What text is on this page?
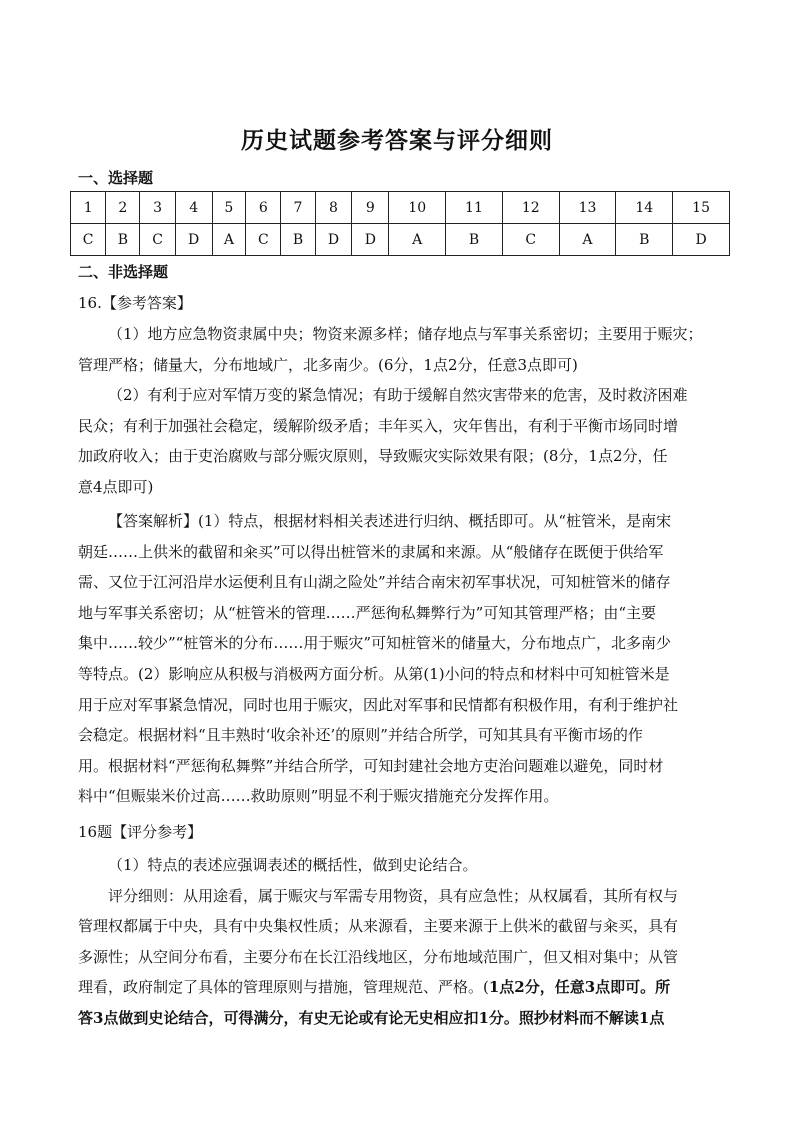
历史试题参考答案与评分细则
一、选择题
1	2	3	4	5	6	7	8	9	10	11	12	13	14	15
C	B	C	D	A	C	B	D	D	A	B	C	A	B	D
二、非选择题
16.【参考答案】
（1）地方应急物资隶属中央；物资来源多样；储存地点与军事关系密切；主要用于赈灾；
管理严格；储量大，分布地域广，北多南少。(6分，1点2分，任意3点即可)
（2）有利于应对军情万变的紧急情况；有助于缓解自然灾害带来的危害，及时救济困难
民众；有利于加强社会稳定，缓解阶级矛盾；丰年买入，灾年售出，有利于平衡市场同时增
加政府收入；由于吏治腐败与部分赈灾原则，导致赈灾实际效果有限；(8分，1点2分，任
意4点即可)
【答案解析】(1）特点，根据材料相关表述进行归纳、概括即可。从“桩管米，是南宋
朝廷……上供米的截留和籴买”可以得出桩管米的隶属和来源。从“般储存在既便于供给军
需、又位于江河沿岸水运便利且有山湖之险处”并结合南宋初军事状况，可知桩管米的储存
地与军事关系密切；从“桩管米的管理……严惩徇私舞弊行为”可知其管理严格；由“主要
集中……较少”“桩管米的分布……用于赈灾”可知桩管米的储量大，分布地点广，北多南少
等特点。(2）影响应从积极与消极两方面分析。从第(1)小问的特点和材料中可知桩管米是
用于应对军事紧急情况，同时也用于赈灾，因此对军事和民情都有积极作用，有利于维护社
会稳定。根据材料“且丰熟时‘收余补还’的原则”并结合所学，可知其具有平衡市场的作
用。根据材料“严惩徇私舞弊”并结合所学，可知封建社会地方吏治问题难以避免，同时材
料中“但赈粜米价过高……救助原则”明显不利于赈灾措施充分发挥作用。
16题【评分参考】
（1）特点的表述应强调表述的概括性，做到史论结合。
评分细则：从用途看，属于赈灾与军需专用物资，具有应急性；从权属看，其所有权与
管理权都属于中央，具有中央集权性质；从来源看，主要来源于上供米的截留与籴买，具有
多源性；从空间分布看，主要分布在长江沿线地区，分布地域范围广，但又相对集中；从管
理看，政府制定了具体的管理原则与措施，管理规范、严格。(1点2分，任意3点即可。所
答3点做到史论结合，可得满分，有史无论或有论无史相应扣1分。照抄材料而不解读1点
